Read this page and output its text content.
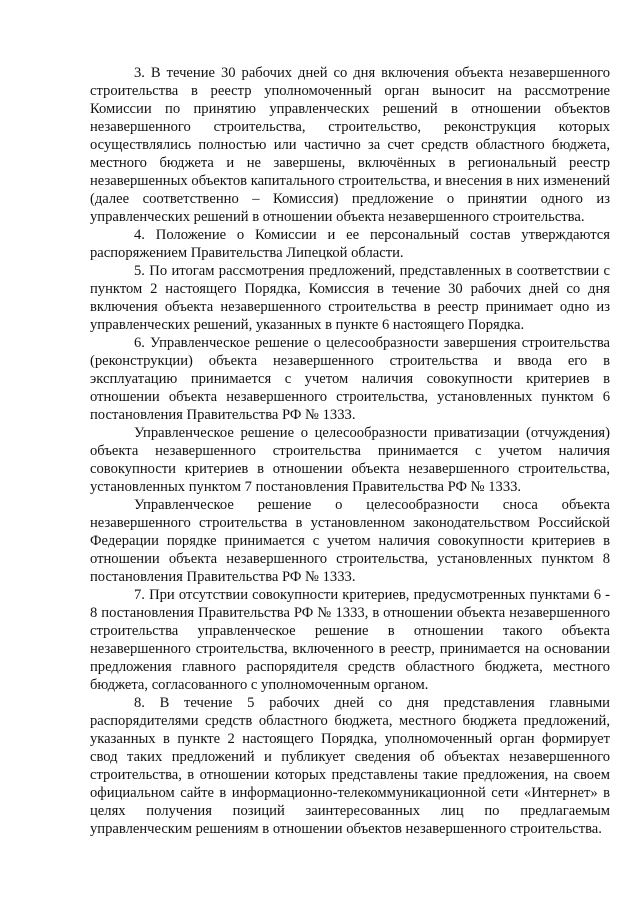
3. В течение 30 рабочих дней со дня включения объекта незавершенного строительства в реестр уполномоченный орган выносит на рассмотрение Комиссии по принятию управленческих решений в отношении объектов незавершенного строительства, строительство, реконструкция которых осуществлялись полностью или частично за счет средств областного бюджета, местного бюджета и не завершены, включённых в региональный реестр незавершенных объектов капитального строительства, и внесения в них изменений (далее соответственно – Комиссия) предложение о принятии одного из управленческих решений в отношении объекта незавершенного строительства.

4. Положение о Комиссии и ее персональный состав утверждаются распоряжением Правительства Липецкой области.

5. По итогам рассмотрения предложений, представленных в соответствии с пунктом 2 настоящего Порядка, Комиссия в течение 30 рабочих дней со дня включения объекта незавершенного строительства в реестр принимает одно из управленческих решений, указанных в пункте 6 настоящего Порядка.

6. Управленческое решение о целесообразности завершения строительства (реконструкции) объекта незавершенного строительства и ввода его в эксплуатацию принимается с учетом наличия совокупности критериев в отношении объекта незавершенного строительства, установленных пунктом 6 постановления Правительства РФ № 1333.

Управленческое решение о целесообразности приватизации (отчуждения) объекта незавершенного строительства принимается с учетом наличия совокупности критериев в отношении объекта незавершенного строительства, установленных пунктом 7 постановления Правительства РФ № 1333.

Управленческое решение о целесообразности сноса объекта незавершенного строительства в установленном законодательством Российской Федерации порядке принимается с учетом наличия совокупности критериев в отношении объекта незавершенного строительства, установленных пунктом 8 постановления Правительства РФ № 1333.

7. При отсутствии совокупности критериев, предусмотренных пунктами 6 - 8 постановления Правительства РФ № 1333, в отношении объекта незавершенного строительства управленческое решение в отношении такого объекта незавершенного строительства, включенного в реестр, принимается на основании предложения главного распорядителя средств областного бюджета, местного бюджета, согласованного с уполномоченным органом.

8. В течение 5 рабочих дней со дня представления главными распорядителями средств областного бюджета, местного бюджета предложений, указанных в пункте 2 настоящего Порядка, уполномоченный орган формирует свод таких предложений и публикует сведения об объектах незавершенного строительства, в отношении которых представлены такие предложения, на своем официальном сайте в информационно-телекоммуникационной сети «Интернет» в целях получения позиций заинтересованных лиц по предлагаемым управленческим решениям в отношении объектов незавершенного строительства.
